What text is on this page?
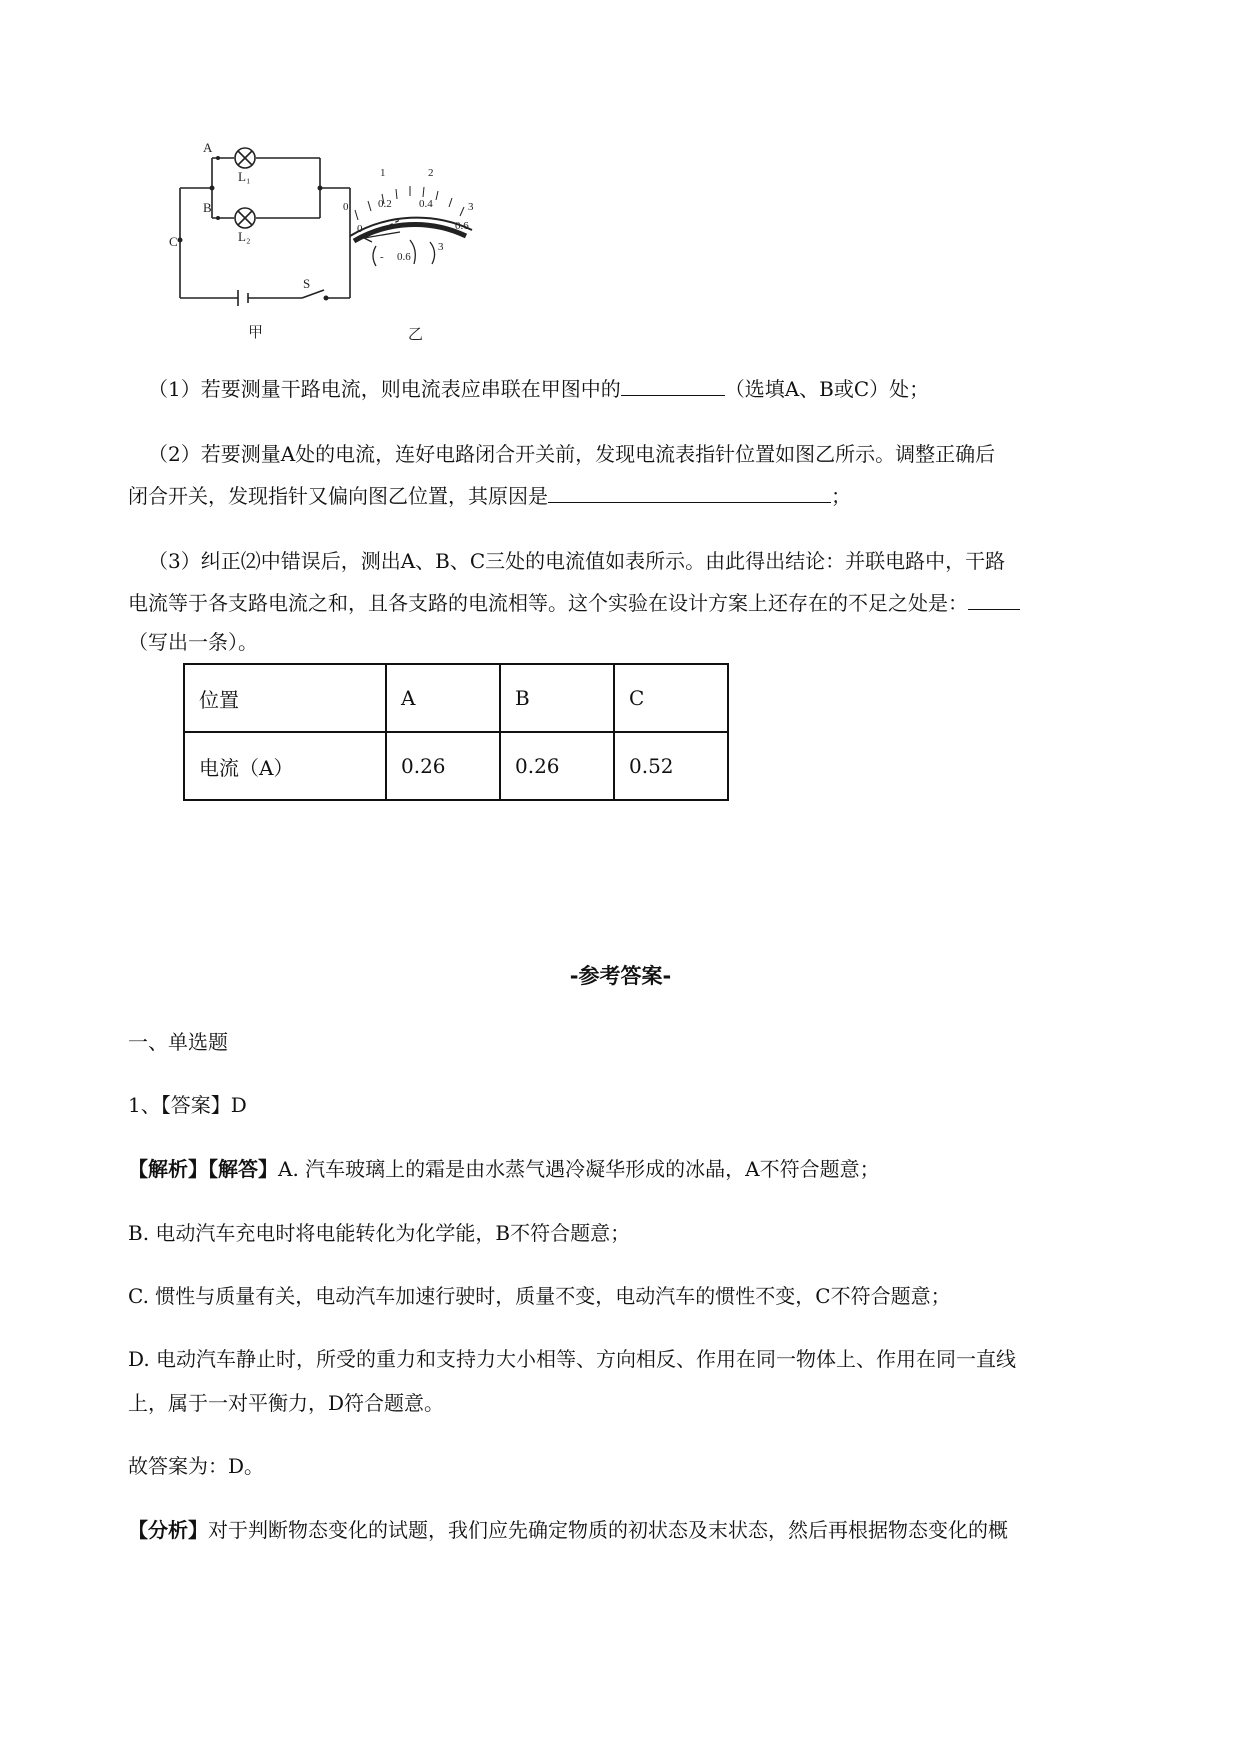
A
B
C
L₁
L₂
S
甲
0
1	2
3
0
0.2 0.4
0.6
- 0.6
3
乙
（1）若要测量干路电流，则电流表应串联在甲图中的	（选填A、B或C）处；
（2）若要测量A处的电流，连好电路闭合开关前，发现电流表指针位置如图乙所示。调整正确后
闭合开关，发现指针又偏向图乙位置，其原因是	；
（3）纠正⑵中错误后，测出A、B、C三处的电流值如表所示。由此得出结论：并联电路中，干路
电流等于各支路电流之和，且各支路的电流相等。这个实验在设计方案上还存在的不足之处是：
（写出一条）。
位置	A	B	C
电流（A）	0.26	0.26	0.52
-参考答案-
一、单选题
1、【答案】D
【解析】【解答】A. 汽车玻璃上的霜是由水蒸气遇冷凝华形成的冰晶，A不符合题意；
B. 电动汽车充电时将电能转化为化学能，B不符合题意；
C. 惯性与质量有关，电动汽车加速行驶时，质量不变，电动汽车的惯性不变，C不符合题意；
D. 电动汽车静止时，所受的重力和支持力大小相等、方向相反、作用在同一物体上、作用在同一直线
上，属于一对平衡力，D符合题意。
故答案为：D。
【分析】对于判断物态变化的试题，我们应先确定物质的初状态及末状态，然后再根据物态变化的概
